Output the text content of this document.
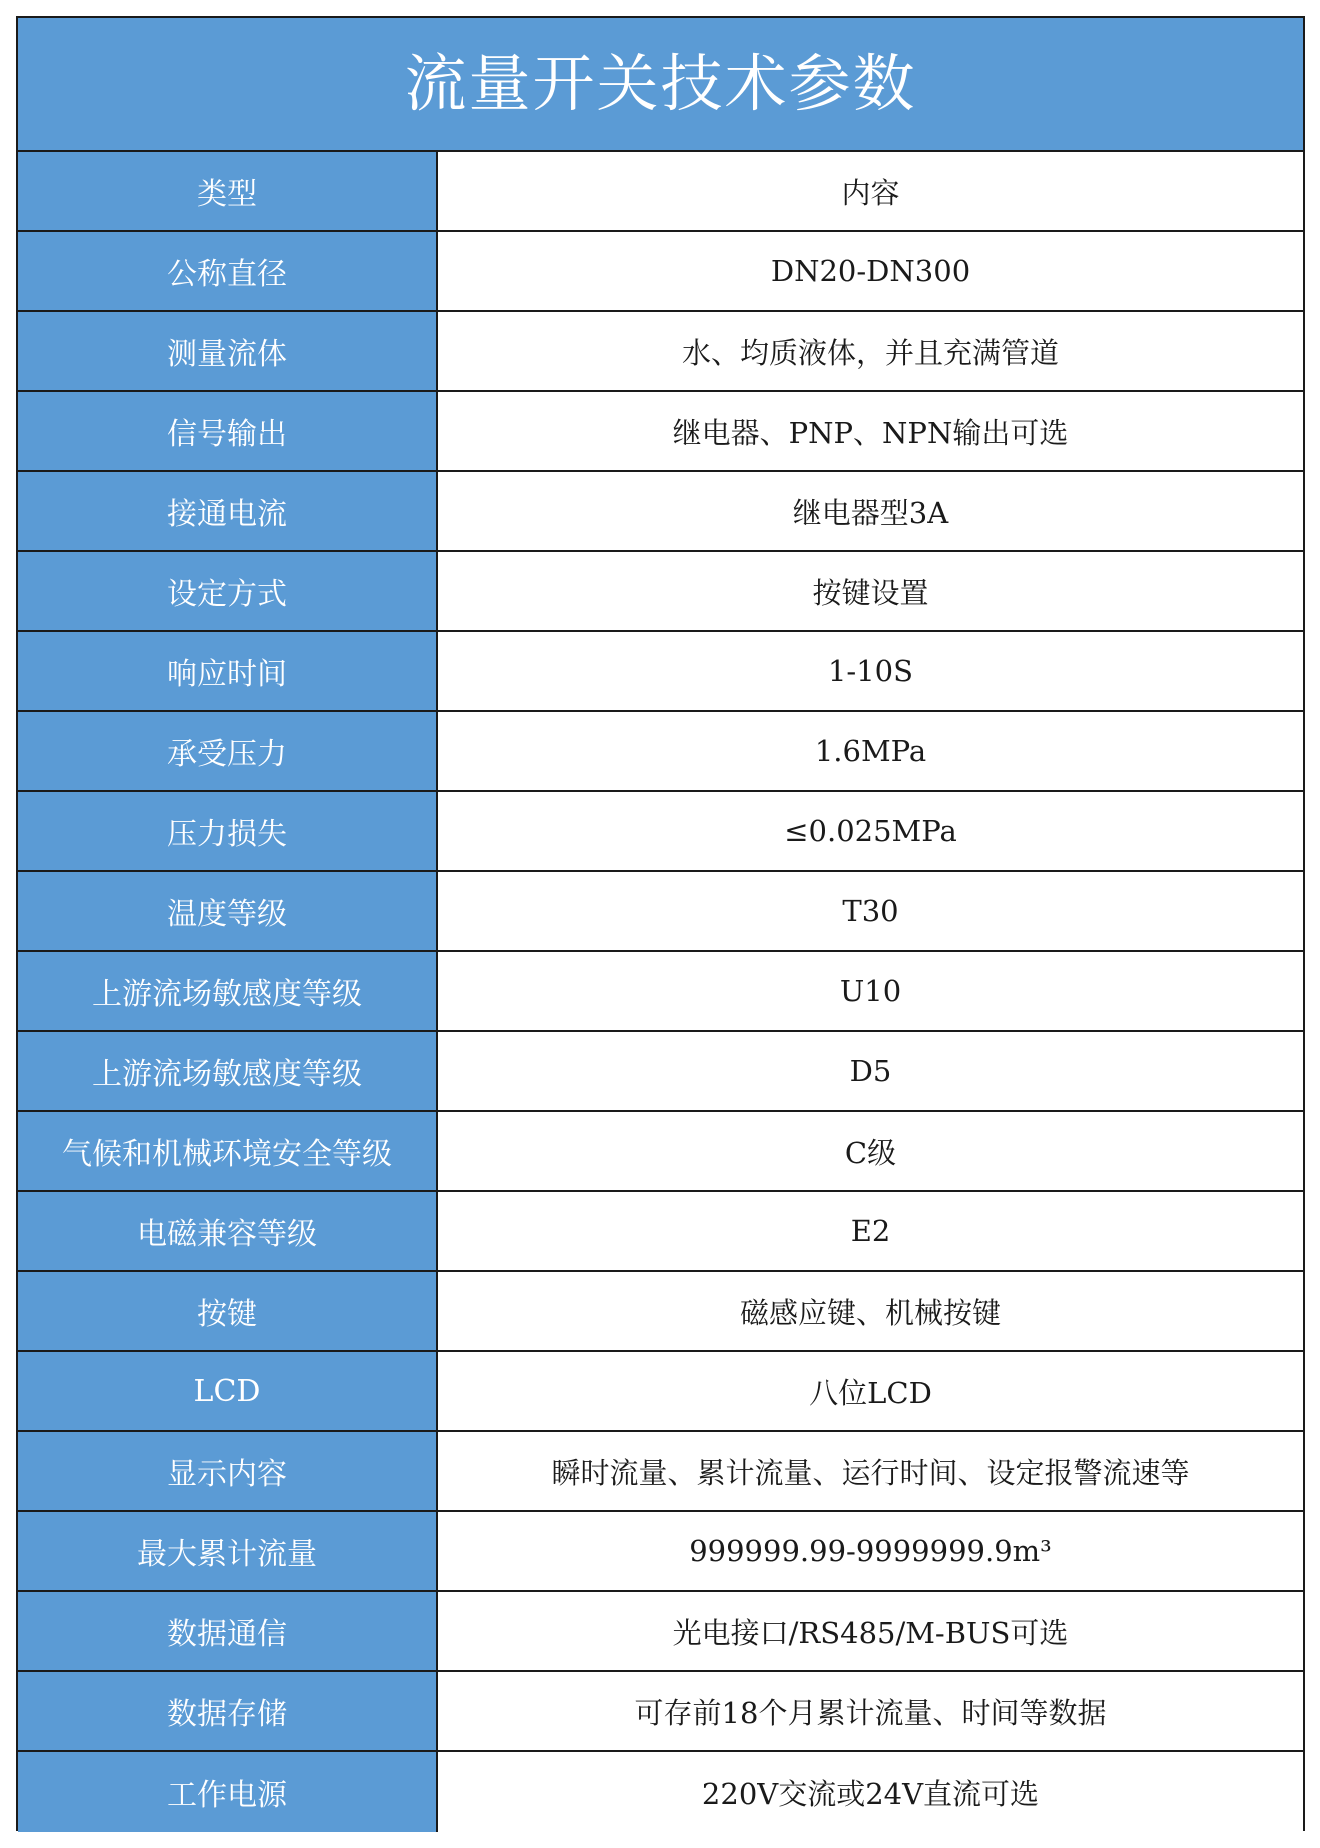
流量开关技术参数
类型	内容
公称直径	DN20-DN300
测量流体	水、均质液体，并且充满管道
信号输出	继电器、PNP、NPN输出可选
接通电流	继电器型3A
设定方式	按键设置
响应时间	1-10S
承受压力	1.6MPa
压力损失	≤0.025MPa
温度等级	T30
上游流场敏感度等级	U10
上游流场敏感度等级	D5
气候和机械环境安全等级	C级
电磁兼容等级	E2
按键	磁感应键、机械按键
LCD	八位LCD
显示内容	瞬时流量、累计流量、运行时间、设定报警流速等
最大累计流量	999999.99-9999999.9m³
数据通信	光电接口/RS485/M-BUS可选
数据存储	可存前18个月累计流量、时间等数据
工作电源	220V交流或24V直流可选
